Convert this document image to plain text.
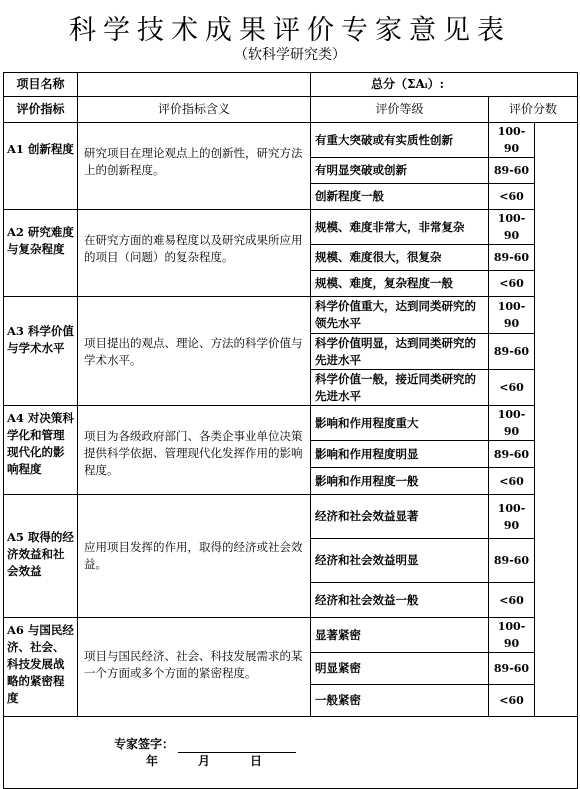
科学技术成果评价专家意见表
（软科学研究类）
项目名称		总分（ΣAᵢ）:		
评价指标	评价指标含义	评价等级	评价分数	
A1 创新程度	研究项目在理论观点上的创新性，研究方法上的创新程度。	有重大突破或有实质性创新	100-90	
		有明显突破或创新	89-60	
		创新程度一般	<60	
A2 研究难度与复杂程度	在研究方面的难易程度以及研究成果所应用的项目（问题）的复杂程度。	规模、难度非常大，非常复杂	100-90	
		规模、难度很大，很复杂	89-60	
		规模、难度，复杂程度一般	<60	
A3 科学价值与学术水平	项目提出的观点、理论、方法的科学价值与学术水平。	科学价值重大，达到同类研究的领先水平	100-90	
		科学价值明显，达到同类研究的先进水平	89-60	
		科学价值一般，接近同类研究的先进水平	<60	
A4 对决策科学化和管理现代化的影响程度	项目为各级政府部门、各类企事业单位决策提供科学依据、管理现代化发挥作用的影响程度。	影响和作用程度重大	100-90	
		影响和作用程度明显	89-60	
		影响和作用程度一般	<60	
A5 取得的经济效益和社会效益	应用项目发挥的作用，取得的经济或社会效益。	经济和社会效益显著	100-90	
		经济和社会效益明显	89-60	
		经济和社会效益一般	<60	
A6 与国民经济、社会、科技发展战略的紧密程度	项目与国民经济、社会、科技发展需求的某一个方面或多个方面的紧密程度。	显著紧密	100-90	
		明显紧密	89-60	
		一般紧密	<60	
专家签字： 年 月 日				
